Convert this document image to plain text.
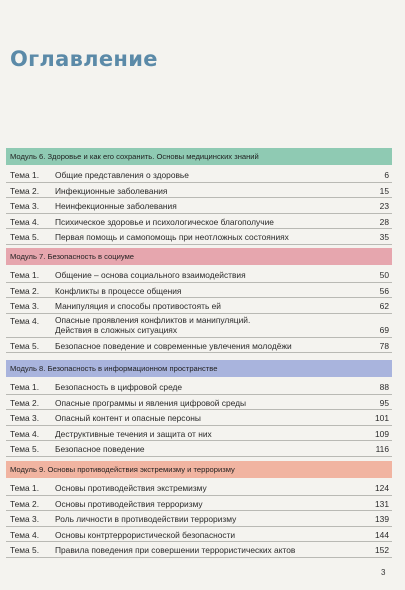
Оглавление
Модуль 6. Здоровье и как его сохранить. Основы медицинских знаний
Тема 1.	Общие представления о здоровье	6
Тема 2.	Инфекционные заболевания	15
Тема 3.	Неинфекционные заболевания	23
Тема 4.	Психическое здоровье и психологическое благополучие	28
Тема 5.	Первая помощь и самопомощь при неотложных состояниях	35
Модуль 7. Безопасность в социуме
Тема 1.	Общение – основа социального взаимодействия	50
Тема 2.	Конфликты в процессе общения	56
Тема 3.	Манипуляция и способы противостоять ей	62
Тема 4.	Опасные проявления конфликтов и манипуляций.
Действия в сложных ситуациях	69
Тема 5.	Безопасное поведение и современные увлечения молодёжи	78
Модуль 8. Безопасность в информационном пространстве
Тема 1.	Безопасность в цифровой среде	88
Тема 2.	Опасные программы и явления цифровой среды	95
Тема 3.	Опасный контент и опасные персоны	101
Тема 4.	Деструктивные течения и защита от них	109
Тема 5.	Безопасное поведение	116
Модуль 9. Основы противодействия экстремизму и терроризму
Тема 1.	Основы противодействия экстремизму	124
Тема 2.	Основы противодействия терроризму	131
Тема 3.	Роль личности в противодействии терроризму	139
Тема 4.	Основы контртеррористической безопасности	144
Тема 5.	Правила поведения при совершении террористических актов	152
3
